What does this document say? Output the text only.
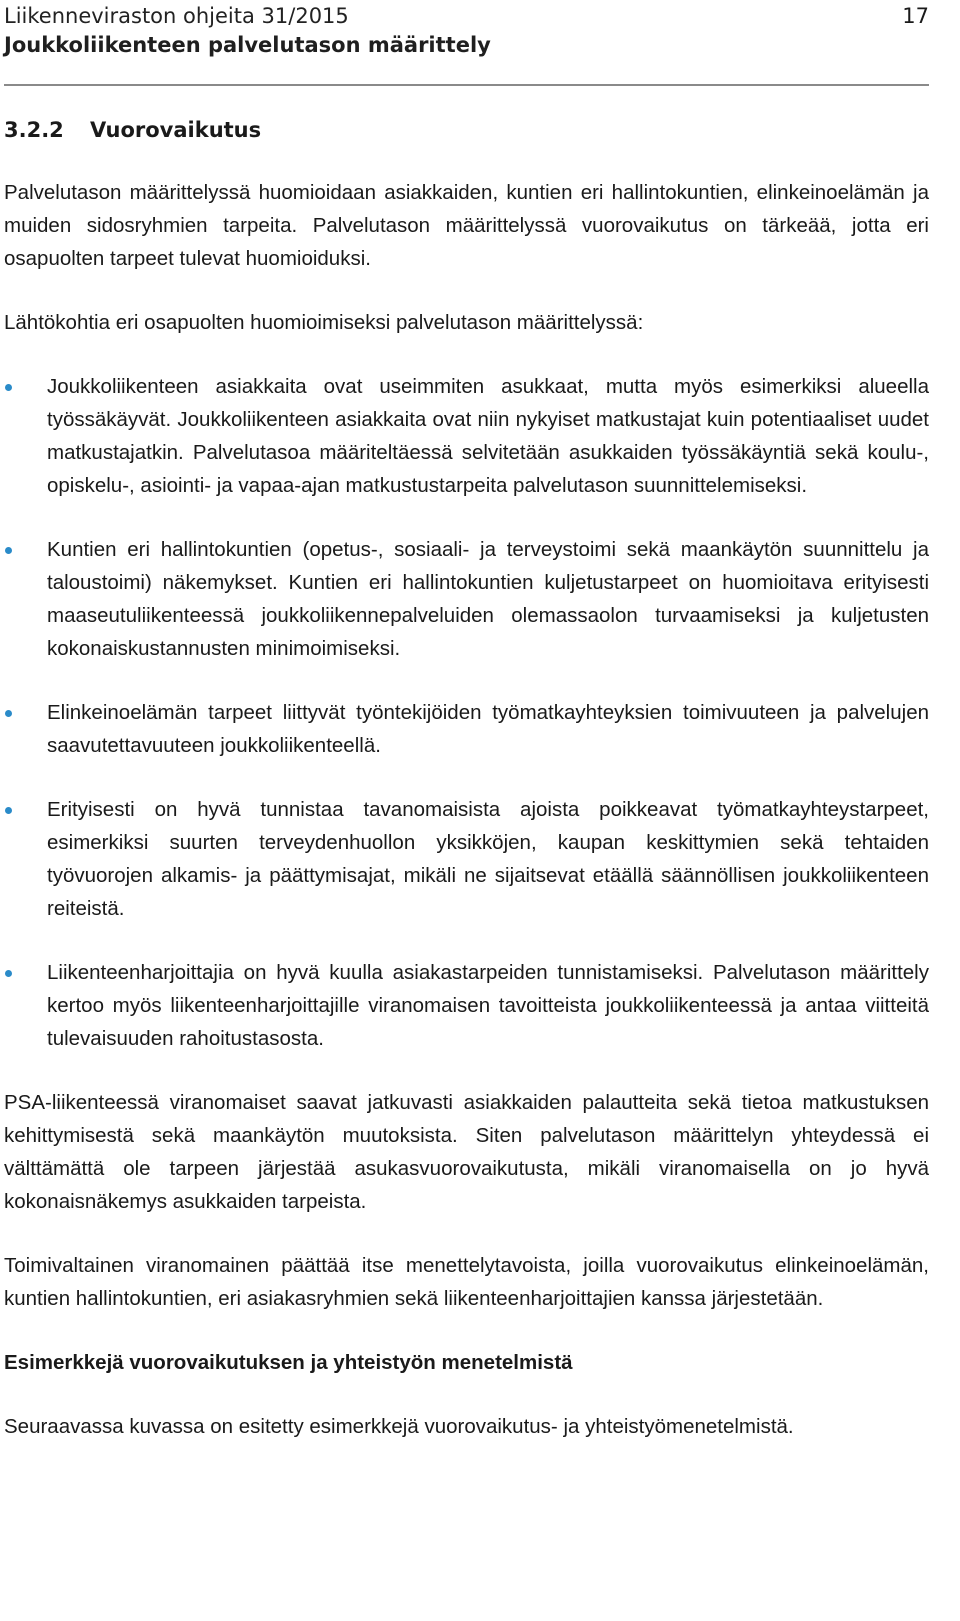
Liikenneviraston ohjeita 31/2015
Joukkoliikenteen palvelutason määrittely
17
3.2.2 Vuorovaikutus

Palvelutason määrittelyssä huomioidaan asiakkaiden, kuntien eri hallintokuntien, elinkeinoelämän ja muiden sidosryhmien tarpeita. Palvelutason määrittelyssä vuorovaikutus on tärkeää, jotta eri osapuolten tarpeet tulevat huomioiduksi.

Lähtökohtia eri osapuolten huomioimiseksi palvelutason määrittelyssä:

Joukkoliikenteen asiakkaita ovat useimmiten asukkaat, mutta myös esimerkiksi alueella työssäkäyvät. Joukkoliikenteen asiakkaita ovat niin nykyiset matkustajat kuin potentiaaliset uudet matkustajatkin. Palvelutasoa määriteltäessä selvitetään asukkaiden työssäkäyntiä sekä koulu-, opiskelu-, asiointi- ja vapaa-ajan matkustustarpeita palvelutason suunnittelemiseksi.

Kuntien eri hallintokuntien (opetus-, sosiaali- ja terveystoimi sekä maankäytön suunnittelu ja taloustoimi) näkemykset. Kuntien eri hallintokuntien kuljetustarpeet on huomioitava erityisesti maaseutuliikenteessä joukkoliikennepalveluiden olemassaolon turvaamiseksi ja kuljetusten kokonaiskustannusten minimoimiseksi.

Elinkeinoelämän tarpeet liittyvät työntekijöiden työmatkayhteyksien toimivuuteen ja palvelujen saavutettavuuteen joukkoliikenteellä.

Erityisesti on hyvä tunnistaa tavanomaisista ajoista poikkeavat työmatkayhteystarpeet, esimerkiksi suurten terveydenhuollon yksikköjen, kaupan keskittymien sekä tehtaiden työvuorojen alkamis- ja päättymisajat, mikäli ne sijaitsevat etäällä säännöllisen joukkoliikenteen reiteistä.

Liikenteenharjoittajia on hyvä kuulla asiakastarpeiden tunnistamiseksi. Palvelutason määrittely kertoo myös liikenteenharjoittajille viranomaisen tavoitteista joukkoliikenteessä ja antaa viitteitä tulevaisuuden rahoitustasosta.

PSA-liikenteessä viranomaiset saavat jatkuvasti asiakkaiden palautteita sekä tietoa matkustuksen kehittymisestä sekä maankäytön muutoksista. Siten palvelutason määrittelyn yhteydessä ei välttämättä ole tarpeen järjestää asukasvuorovaikutusta, mikäli viranomaisella on jo hyvä kokonaisnäkemys asukkaiden tarpeista.

Toimivaltainen viranomainen päättää itse menettelytavoista, joilla vuorovaikutus elinkeinoelämän, kuntien hallintokuntien, eri asiakasryhmien sekä liikenteenharjoittajien kanssa järjestetään.

Esimerkkejä vuorovaikutuksen ja yhteistyön menetelmistä

Seuraavassa kuvassa on esitetty esimerkkejä vuorovaikutus- ja yhteistyömenetelmistä.
